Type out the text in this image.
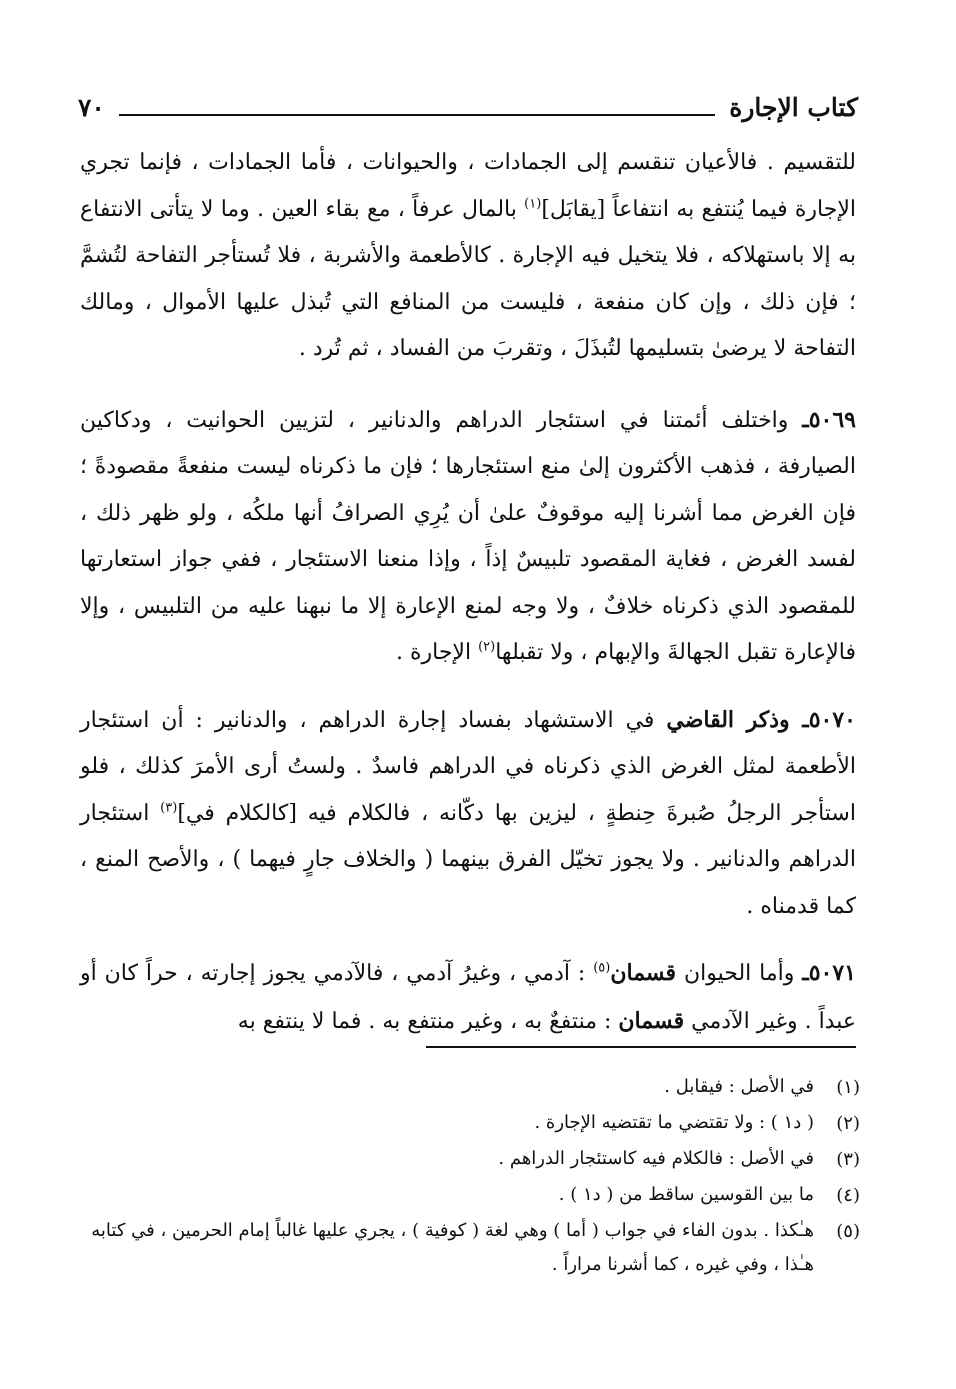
٧٠	كتاب الإجارة

للتقسيم . فالأعيان تنقسم إلى الجمادات ، والحيوانات ، فأما الجمادات ، فإنما تجري الإجارة فيما يُنتفع به انتفاعاً [يقابَل]$^{(١)}$ بالمال عرفاً ، مع بقاء العين . وما لا يتأتى الانتفاع به إلا باستهلاكه ، فلا يتخيل فيه الإجارة . كالأطعمة والأشربة ، فلا تُستأجر التفاحة لتُشمَّ ؛ فإن ذلك ، وإن كان منفعة ، فليست من المنافع التي تُبذل عليها الأموال ، ومالك التفاحة لا يرضىٰ بتسليمها لتُبذَلَ ، وتقربَ من الفساد ، ثم تُرد .

٥٠٦٩ـ واختلف أئمتنا في استئجار الدراهم والدنانير ، لتزيين الحوانيت ، ودكاكين الصيارفة ، فذهب الأكثرون إلىٰ منع استئجارها ؛ فإن ما ذكرناه ليست منفعةً مقصودةً ؛ فإن الغرض مما أشرنا إليه موقوفٌ علىٰ أن يُرِي الصرافُ أنها ملكُه ، ولو ظهر ذلك ، لفسد الغرض ، فغاية المقصود تلبيسٌ إذاً ، وإذا منعنا الاستئجار ، ففي جواز استعارتها للمقصود الذي ذكرناه خلافٌ ، ولا وجه لمنع الإعارة إلا ما نبهنا عليه من التلبيس ، وإلا فالإعارة تقبل الجهالةَ والإبهام ، ولا تقبلها$^{(٢)}$ الإجارة .

٥٠٧٠ـ وذكر القاضي في الاستشهاد بفساد إجارة الدراهم ، والدنانير : أن استئجار الأطعمة لمثل الغرض الذي ذكرناه في الدراهم فاسدٌ . ولستُ أرى الأمرَ كذلك ، فلو استأجر الرجلُ صُبرةَ حِنطةٍ ، ليزين بها دكّانه ، فالكلام فيه [كالكلام في]$^{(٣)}$ استئجار الدراهم والدنانير . ولا يجوز تخيّل الفرق بينهما ( والخلاف جارٍ فيهما ) ، والأصح المنع ، كما قدمناه .

٥٠٧١ـ وأما الحيوان قسمان$^{(٥)}$ : آدمي ، وغيرُ آدمي ، فالآدمي يجوز إجارته ، حراً كان أو عبداً . وغير الآدمي قسمان : منتفعٌ به ، وغير منتفع به . فما لا ينتفع به

(١)
في الأصل : فيقابل .
(٢)
( د١ ) : ولا تقتضي ما تقتضيه الإجارة .
(٣)
في الأصل : فالكلام فيه كاستئجار الدراهم .
(٤)
ما بين القوسين ساقط من ( د١ ) .
(٥)
هـٰكذا . بدون الفاء في جواب ( أما ) وهي لغة ( كوفية ) ، يجري عليها غالباً إمام الحرمين ، في كتابه هـٰذا ، وفي غيره ، كما أشرنا مراراً .
